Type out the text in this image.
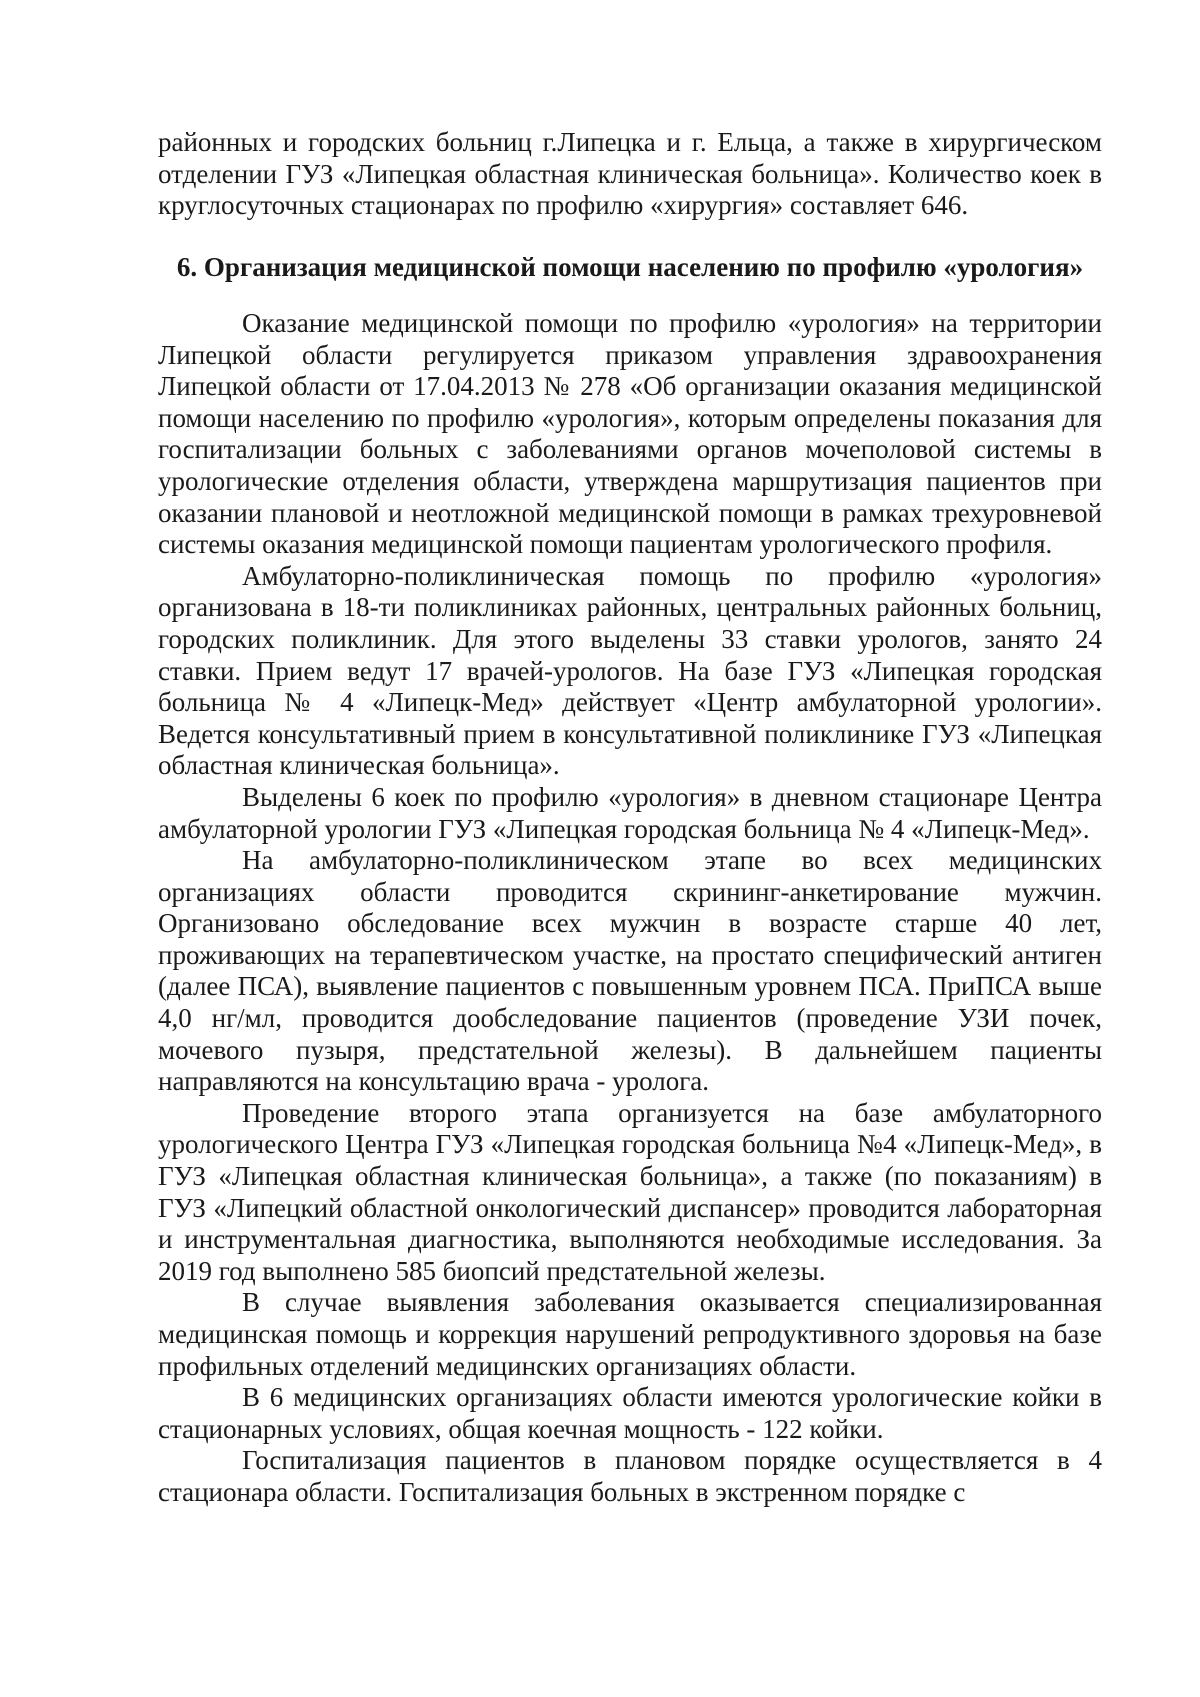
районных и городских больниц г.Липецка и г. Ельца, а также в хирургическом отделении ГУЗ «Липецкая областная клиническая больница». Количество коек в круглосуточных стационарах по профилю «хирургия» составляет 646.

6. Организация медицинской помощи населению по профилю «урология»

Оказание медицинской помощи по профилю «урология» на территории Липецкой области регулируется приказом управления здравоохранения Липецкой области от 17.04.2013 № 278 «Об организации оказания медицинской помощи населению по профилю «урология», которым определены показания для госпитализации больных с заболеваниями органов мочеполовой системы в урологические отделения области, утверждена маршрутизация пациентов при оказании плановой и неотложной медицинской помощи в рамках трехуровневой системы оказания медицинской помощи пациентам урологического профиля.

Амбулаторно-поликлиническая помощь по профилю «урология» организована в 18-ти поликлиниках районных, центральных районных больниц, городских поликлиник. Для этого выделены 33 ставки урологов, занято 24 ставки. Прием ведут 17 врачей-урологов. На базе ГУЗ «Липецкая городская больница № 4 «Липецк-Мед» действует «Центр амбулаторной урологии». Ведется консультативный прием в консультативной поликлинике ГУЗ «Липецкая областная клиническая больница».

Выделены 6 коек по профилю «урология» в дневном стационаре Центра амбулаторной урологии ГУЗ «Липецкая городская больница № 4 «Липецк-Мед».

На амбулаторно-поликлиническом этапе во всех медицинских организациях области проводится скрининг-анкетирование мужчин. Организовано обследование всех мужчин в возрасте старше 40 лет, проживающих на терапевтическом участке, на простато специфический антиген (далее ПСА), выявление пациентов с повышенным уровнем ПСА. ПриПСА выше 4,0 нг/мл, проводится дообследование пациентов (проведение УЗИ почек, мочевого пузыря, предстательной железы). В дальнейшем пациенты направляются на консультацию врача - уролога.

Проведение второго этапа организуется на базе амбулаторного урологического Центра ГУЗ «Липецкая городская больница №4 «Липецк-Мед», в ГУЗ «Липецкая областная клиническая больница», а также (по показаниям) в ГУЗ «Липецкий областной онкологический диспансер» проводится лабораторная и инструментальная диагностика, выполняются необходимые исследования. За 2019 год выполнено 585 биопсий предстательной железы.

В случае выявления заболевания оказывается специализированная медицинская помощь и коррекция нарушений репродуктивного здоровья на базе профильных отделений медицинских организациях области.

В 6 медицинских организациях области имеются урологические койки в стационарных условиях, общая коечная мощность - 122 койки.

Госпитализация пациентов в плановом порядке осуществляется в 4 стационара области. Госпитализация больных в экстренном порядке с
